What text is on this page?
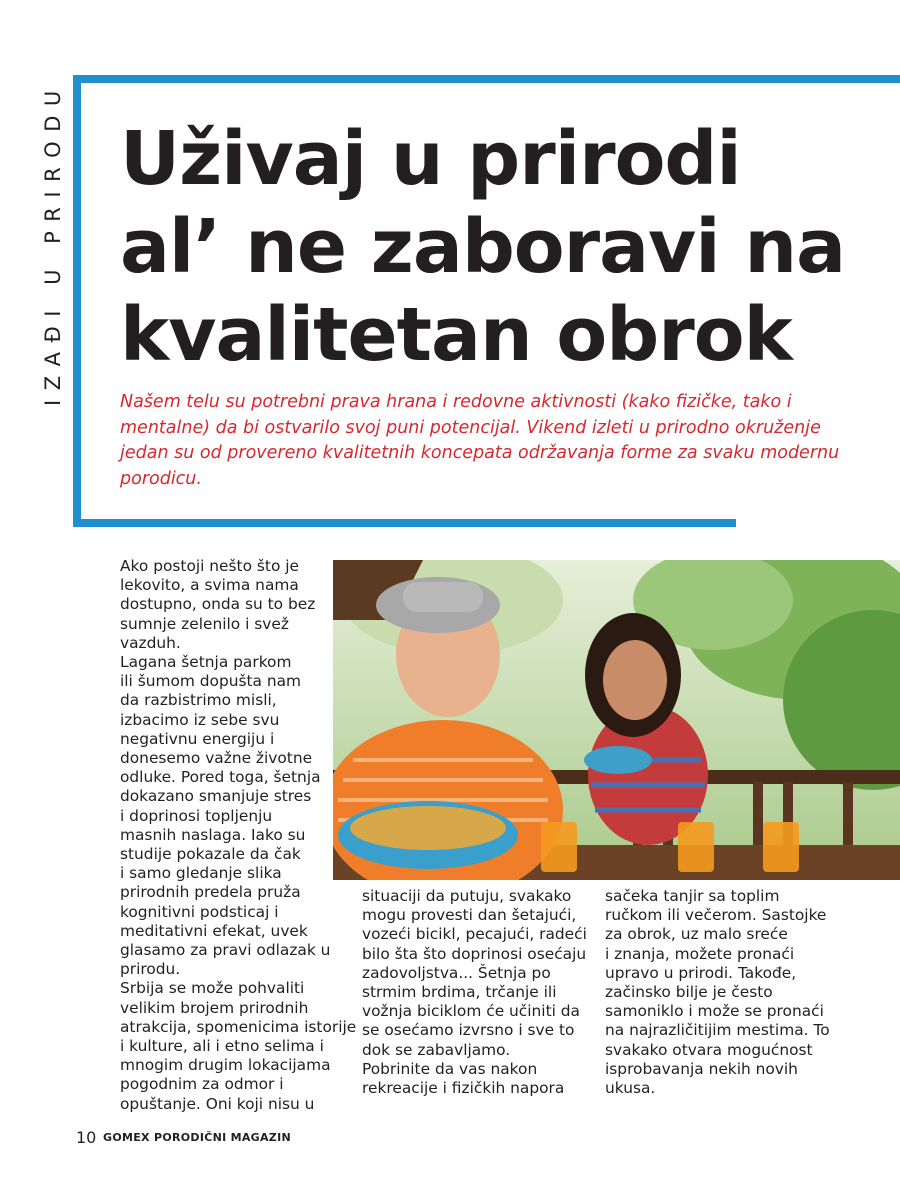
IZAĐI U PRIRODU Uživaj u prirodi
al’ ne zaboravi na
kvalitetan obrok

Našem telu su potrebni prava hrana i redovne aktivnosti (kako fizičke, tako i mentalne) da bi ostvarilo svoj puni potencijal. Vikend izleti u prirodno okruženje jedan su od provereno kvalitetnih koncepata održavanja forme za svaku modernu porodicu.

Ako postoji nešto što je
lekovito, a svima nama
dostupno, onda su to bez
sumnje zelenilo i svež
vazduh.
Lagana šetnja parkom
ili šumom dopušta nam
da razbistrimo misli,
izbacimo iz sebe svu
negativnu energiju i
donesemo važne životne
odluke. Pored toga, šetnja
dokazano smanjuje stres
i doprinosi topljenju
masnih naslaga. Iako su
studije pokazale da čak
i samo gledanje slika
prirodnih predela pruža
kognitivni podsticaj i
meditativni efekat, uvek
glasamo za pravi odlazak u
prirodu.
Srbija se može pohvaliti
velikim brojem prirodnih
atrakcija, spomenicima istorije
i kulture, ali i etno selima i
mnogim drugim lokacijama
pogodnim za odmor i
opuštanje. Oni koji nisu u
situaciji da putuju, svakako
mogu provesti dan šetajući,
vozeći bicikl, pecajući, radeći
bilo šta što doprinosi osećaju
zadovoljstva... Šetnja po
strmim brdima, trčanje ili
vožnja biciklom će učiniti da
se osećamo izvrsno i sve to
dok se zabavljamo.
Pobrinite da vas nakon
rekreacije i fizičkih napora
sačeka tanjir sa toplim
ručkom ili večerom. Sastojke
za obrok, uz malo sreće
i znanja, možete pronaći
upravo u prirodi. Takođe,
začinsko bilje je često
samoniklo i može se pronaći
na najrazličitijim mestima. To
svakako otvara mogućnost
isprobavanja nekih novih
ukusa.
10 GOMEX PORODIČNI MAGAZIN
